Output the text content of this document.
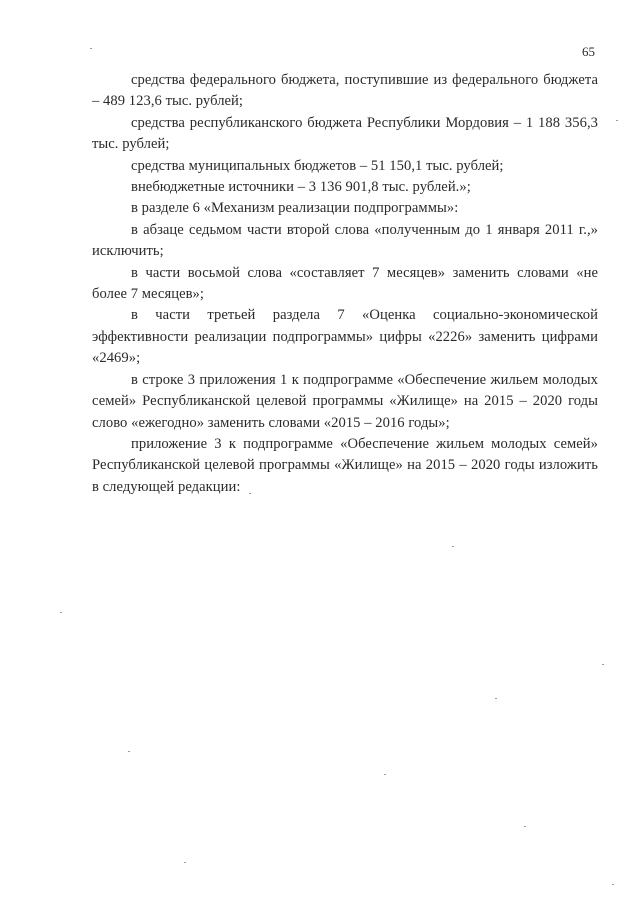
65

средства федерального бюджета, поступившие из федерального бюджета – 489 123,6 тыс. рублей;

средства республиканского бюджета Республики Мордовия – 1 188 356,3 тыс. рублей;

средства муниципальных бюджетов – 51 150,1 тыс. рублей;

внебюджетные источники – 3 136 901,8 тыс. рублей.»;

в разделе 6 «Механизм реализации подпрограммы»:

в абзаце седьмом части второй слова «полученным до 1 января 2011 г.,» исключить;

в части восьмой слова «составляет 7 месяцев» заменить словами «не более 7 месяцев»;

в части третьей раздела 7 «Оценка социально-экономической эффективности реализации подпрограммы» цифры «2226» заменить цифрами «2469»;

в строке 3 приложения 1 к подпрограмме «Обеспечение жильем молодых семей» Республиканской целевой программы «Жилище» на 2015 – 2020 годы слово «ежегодно» заменить словами «2015 – 2016 годы»;

приложение 3 к подпрограмме «Обеспечение жильем молодых семей» Республиканской целевой программы «Жилище» на 2015 – 2020 годы изложить в следующей редакции:
